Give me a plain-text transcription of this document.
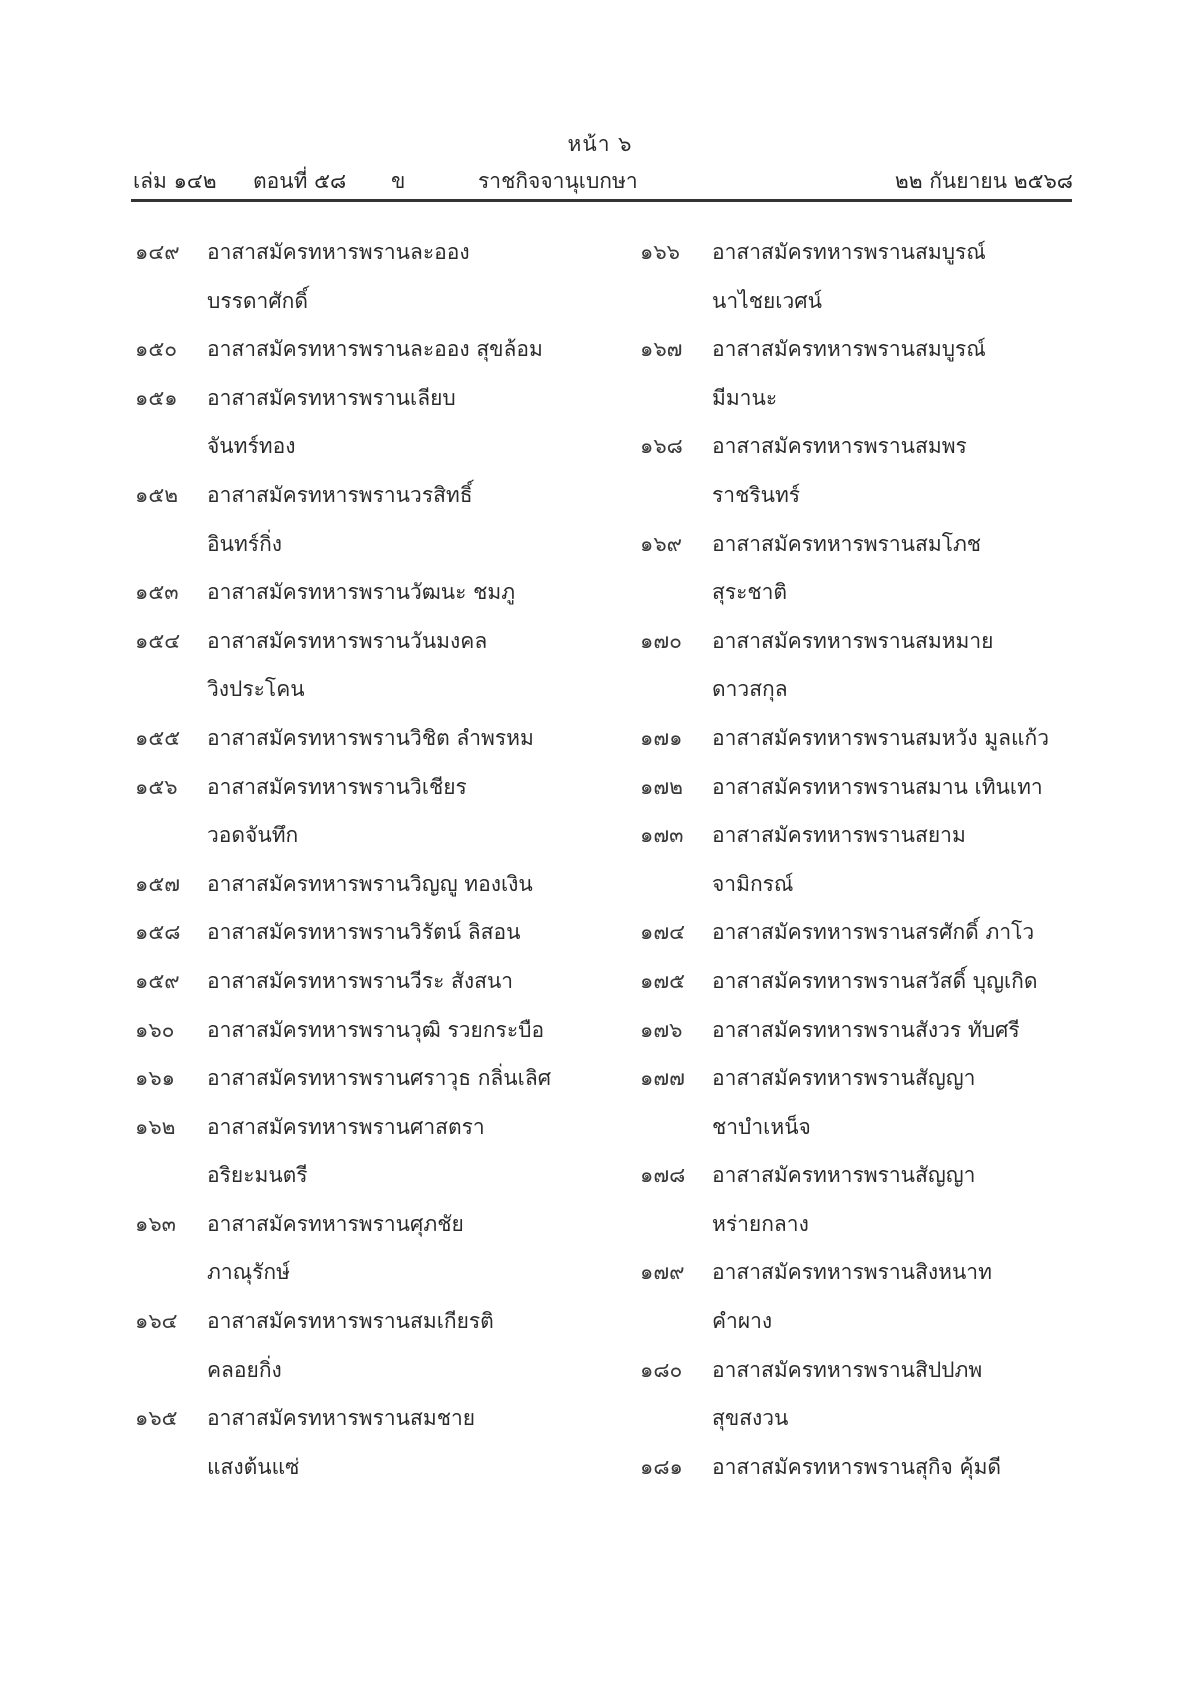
หน้า ๖
เล่ม ๑๔๒ ตอนที่ ๕๘ ข	ราชกิจจานุเบกษา	๒๒ กันยายน ๒๕๖๘
๑๔๙	อาสาสมัครทหารพรานละออง
บรรดาศักดิ์
๑๕๐	อาสาสมัครทหารพรานละออง สุขล้อม
๑๕๑	อาสาสมัครทหารพรานเลียบ
จันทร์ทอง
๑๕๒	อาสาสมัครทหารพรานวรสิทธิ์
อินทร์กิ่ง
๑๕๓	อาสาสมัครทหารพรานวัฒนะ ชมภู
๑๕๔	อาสาสมัครทหารพรานวันมงคล
วิงประโคน
๑๕๕	อาสาสมัครทหารพรานวิชิต ลำพรหม
๑๕๖	อาสาสมัครทหารพรานวิเชียร
วอดจันทึก
๑๕๗	อาสาสมัครทหารพรานวิญญู ทองเงิน
๑๕๘	อาสาสมัครทหารพรานวิรัตน์ ลิสอน
๑๕๙	อาสาสมัครทหารพรานวีระ สังสนา
๑๖๐	อาสาสมัครทหารพรานวุฒิ รวยกระบือ
๑๖๑	อาสาสมัครทหารพรานศราวุธ กลิ่นเลิศ
๑๖๒	อาสาสมัครทหารพรานศาสตรา
อริยะมนตรี
๑๖๓	อาสาสมัครทหารพรานศุภชัย
ภาณุรักษ์
๑๖๔	อาสาสมัครทหารพรานสมเกียรติ
คลอยกิ่ง
๑๖๕	อาสาสมัครทหารพรานสมชาย
แสงต้นแซ่
๑๖๖	อาสาสมัครทหารพรานสมบูรณ์
นาไชยเวศน์
๑๖๗	อาสาสมัครทหารพรานสมบูรณ์
มีมานะ
๑๖๘	อาสาสมัครทหารพรานสมพร
ราชรินทร์
๑๖๙	อาสาสมัครทหารพรานสมโภช
สุระชาติ
๑๗๐	อาสาสมัครทหารพรานสมหมาย
ดาวสกุล
๑๗๑	อาสาสมัครทหารพรานสมหวัง มูลแก้ว
๑๗๒	อาสาสมัครทหารพรานสมาน เทินเทา
๑๗๓	อาสาสมัครทหารพรานสยาม
จามิกรณ์
๑๗๔	อาสาสมัครทหารพรานสรศักดิ์ ภาโว
๑๗๕	อาสาสมัครทหารพรานสวัสดิ์ บุญเกิด
๑๗๖	อาสาสมัครทหารพรานสังวร ทับศรี
๑๗๗	อาสาสมัครทหารพรานสัญญา
ชาบำเหน็จ
๑๗๘	อาสาสมัครทหารพรานสัญญา
หร่ายกลาง
๑๗๙	อาสาสมัครทหารพรานสิงหนาท
คำผาง
๑๘๐	อาสาสมัครทหารพรานสิปปภพ
สุขสงวน
๑๘๑	อาสาสมัครทหารพรานสุกิจ คุ้มดี
